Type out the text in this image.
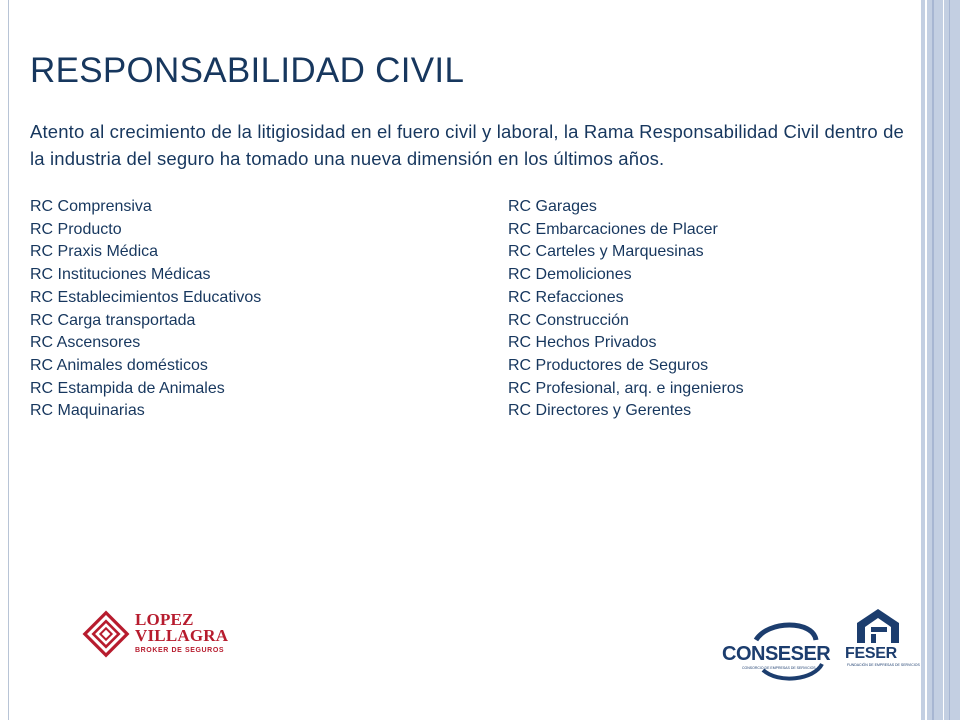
RESPONSABILIDAD CIVIL

Atento al crecimiento de la litigiosidad en el fuero civil y laboral, la Rama Responsabilidad Civil dentro de la industria del seguro ha tomado una nueva dimensión en los últimos años.

RC Comprensiva
RC Producto
RC Praxis Médica
RC Instituciones Médicas
RC Establecimientos Educativos
RC Carga transportada
RC Ascensores
RC Animales domésticos
RC Estampida de Animales
RC Maquinarias
RC Garages
RC Embarcaciones de Placer
RC Carteles y Marquesinas
RC Demoliciones
RC Refacciones
RC Construcción
RC Hechos Privados
RC Productores de Seguros
RC Profesional, arq. e ingenieros
RC Directores y Gerentes
LOPEZ
VILLAGRA
BROKER DE SEGUROS	CONSESER
CONSORCIO DE EMPRESAS DE SERVICIOS
FESER
FUNDACIÓN DE EMPRESAS DE SERVICIOS
